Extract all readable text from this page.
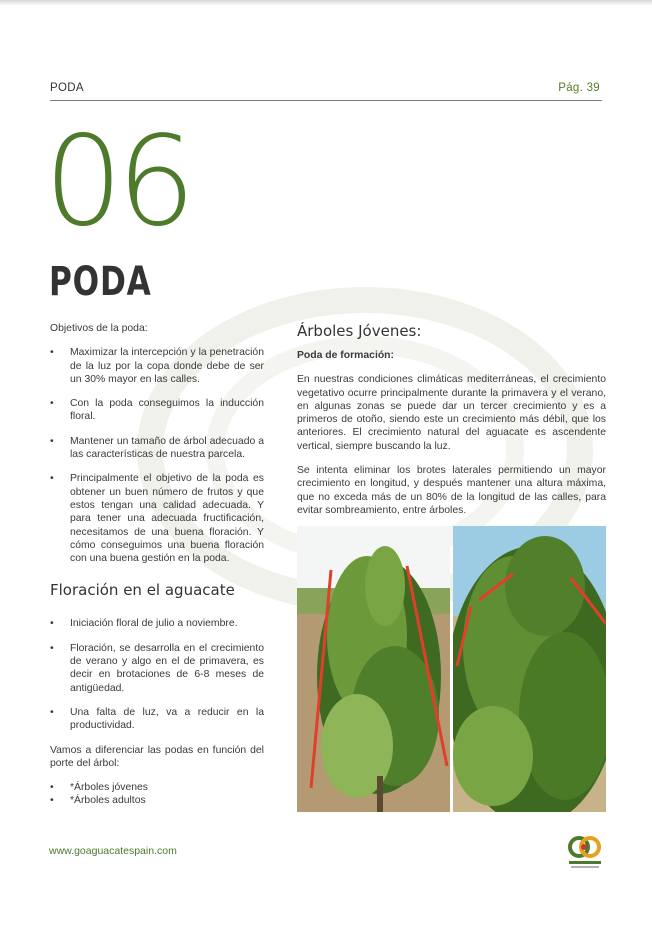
PODA	Pág. 39
06
PODA

Objetivos de la poda:

• Maximizar la intercepción y la penetración de la luz por la copa donde debe de ser un 30% mayor en las calles.
• Con la poda conseguimos la inducción floral.
• Mantener un tamaño de árbol adecuado a las características de nuestra parcela.
• Principalmente el objetivo de la poda es obtener un buen número de frutos y que estos tengan una calidad adecuada. Y para tener una adecuada fructificación, necesitamos de una buena floración. Y cómo conseguimos una buena floración con una buena gestión en la poda.
Floración en el aguacate
• Iniciación floral de julio a noviembre.
• Floración, se desarrolla en el crecimiento de verano y algo en el de primavera, es decir en brotaciones de 6-8 meses de antigüedad.
• Una falta de luz, va a reducir en la productividad.

Vamos a diferenciar las podas en función del porte del árbol:

• *Árboles jóvenes
• *Árboles adultos
Árboles Jóvenes:

Poda de formación:

En nuestras condiciones climáticas mediterráneas, el crecimiento vegetativo ocurre principalmente durante la primavera y el verano, en algunas zonas se puede dar un tercer crecimiento y es a primeros de otoño, siendo este un crecimiento más débil, que los anteriores. El crecimiento natural del aguacate es ascendente vertical, siempre buscando la luz.

Se intenta eliminar los brotes laterales permitiendo un mayor crecimiento en longitud, y después mantener una altura máxima, que no exceda más de un 80% de la longitud de las calles, para evitar sombreamiento, entre árboles.

www.goaguacatespain.com
